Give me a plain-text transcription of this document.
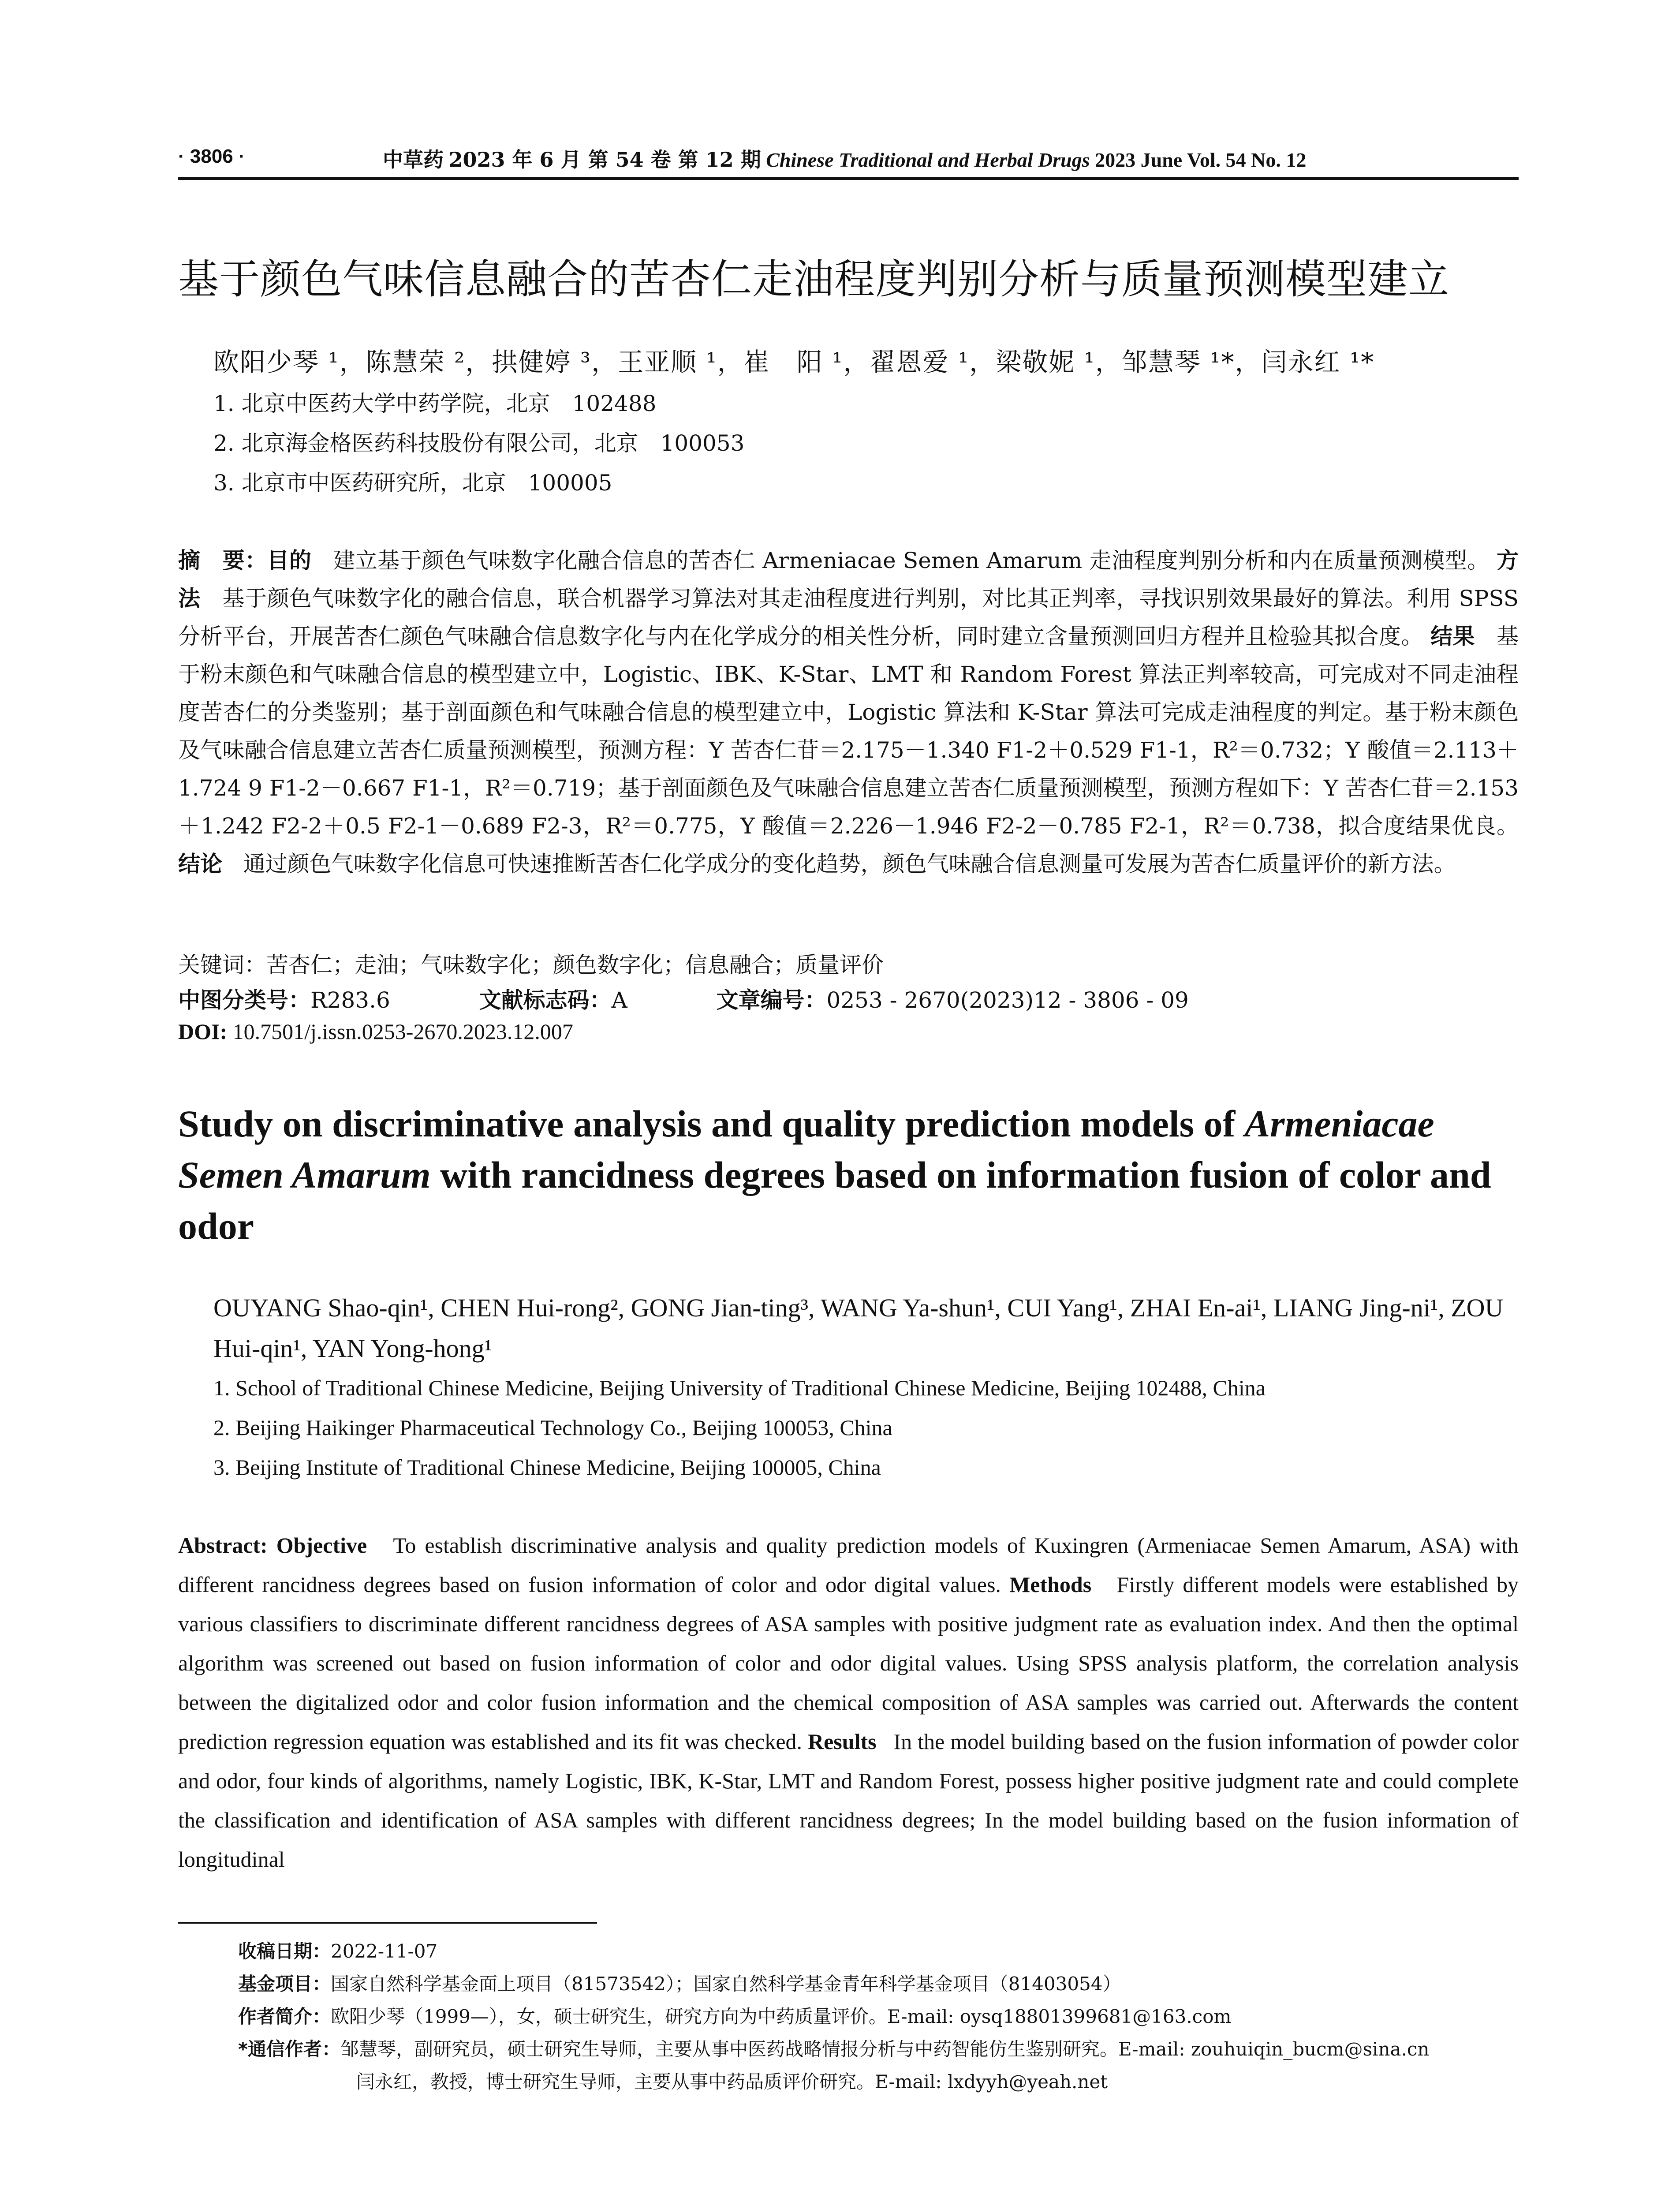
· 3806 ·	中草药 2023 年 6 月 第 54 卷 第 12 期 Chinese Traditional and Herbal Drugs 2023 June Vol. 54 No. 12
基于颜色气味信息融合的苦杏仁走油程度判别分析与质量预测模型建立
欧阳少琴 ¹，陈慧荣 ²，拱健婷 ³，王亚顺 ¹，崔　阳 ¹，翟恩爱 ¹，梁敬妮 ¹，邹慧琴 ¹*，闫永红 ¹*
1. 北京中医药大学中药学院，北京　102488
2. 北京海金格医药科技股份有限公司，北京　100053
3. 北京市中医药研究所，北京　100005
摘　要：目的 建立基于颜色气味数字化融合信息的苦杏仁 Armeniacae Semen Amarum 走油程度判别分析和内在质量预测模型。 方法 基于颜色气味数字化的融合信息，联合机器学习算法对其走油程度进行判别，对比其正判率，寻找识别效果最好的算法。利用 SPSS 分析平台，开展苦杏仁颜色气味融合信息数字化与内在化学成分的相关性分析，同时建立含量预测回归方程并且检验其拟合度。 结果 基于粉末颜色和气味融合信息的模型建立中，Logistic、IBK、K-Star、LMT 和 Random Forest 算法正判率较高，可完成对不同走油程度苦杏仁的分类鉴别；基于剖面颜色和气味融合信息的模型建立中，Logistic 算法和 K-Star 算法可完成走油程度的判定。基于粉末颜色及气味融合信息建立苦杏仁质量预测模型，预测方程：Y 苦杏仁苷＝2.175－1.340 F1-2＋0.529 F1-1，R²＝0.732；Y 酸值＝2.113＋1.724 9 F1-2－0.667 F1-1，R²＝0.719；基于剖面颜色及气味融合信息建立苦杏仁质量预测模型，预测方程如下：Y 苦杏仁苷＝2.153＋1.242 F2-2＋0.5 F2-1－0.689 F2-3，R²＝0.775，Y 酸值＝2.226－1.946 F2-2－0.785 F2-1，R²＝0.738，拟合度结果优良。 结论 通过颜色气味数字化信息可快速推断苦杏仁化学成分的变化趋势，颜色气味融合信息测量可发展为苦杏仁质量评价的新方法。
关键词：苦杏仁；走油；气味数字化；颜色数字化；信息融合；质量评价
中图分类号：R283.6	文献标志码：A	文章编号：0253 - 2670(2023)12 - 3806 - 09
DOI: 10.7501/j.issn.0253-2670.2023.12.007
Study on discriminative analysis and quality prediction models of Armeniacae Semen Amarum with rancidness degrees based on information fusion of color and odor
OUYANG Shao-qin¹, CHEN Hui-rong², GONG Jian-ting³, WANG Ya-shun¹, CUI Yang¹, ZHAI En-ai¹, LIANG Jing-ni¹, ZOU Hui-qin¹, YAN Yong-hong¹
1. School of Traditional Chinese Medicine, Beijing University of Traditional Chinese Medicine, Beijing 102488, China
2. Beijing Haikinger Pharmaceutical Technology Co., Beijing 100053, China
3. Beijing Institute of Traditional Chinese Medicine, Beijing 100005, China
Abstract: Objective To establish discriminative analysis and quality prediction models of Kuxingren (Armeniacae Semen Amarum, ASA) with different rancidness degrees based on fusion information of color and odor digital values. Methods Firstly different models were established by various classifiers to discriminate different rancidness degrees of ASA samples with positive judgment rate as evaluation index. And then the optimal algorithm was screened out based on fusion information of color and odor digital values. Using SPSS analysis platform, the correlation analysis between the digitalized odor and color fusion information and the chemical composition of ASA samples was carried out. Afterwards the content prediction regression equation was established and its fit was checked. Results In the model building based on the fusion information of powder color and odor, four kinds of algorithms, namely Logistic, IBK, K-Star, LMT and Random Forest, possess higher positive judgment rate and could complete the classification and identification of ASA samples with different rancidness degrees; In the model building based on the fusion information of longitudinal
收稿日期：2022-11-07
基金项目：国家自然科学基金面上项目（81573542）；国家自然科学基金青年科学基金项目（81403054）
作者简介：欧阳少琴（1999—），女，硕士研究生，研究方向为中药质量评价。E-mail: oysq18801399681@163.com
*通信作者：邹慧琴，副研究员，硕士研究生导师，主要从事中医药战略情报分析与中药智能仿生鉴别研究。E-mail: zouhuiqin_bucm@sina.cn
闫永红，教授，博士研究生导师，主要从事中药品质评价研究。E-mail: lxdyyh@yeah.net
